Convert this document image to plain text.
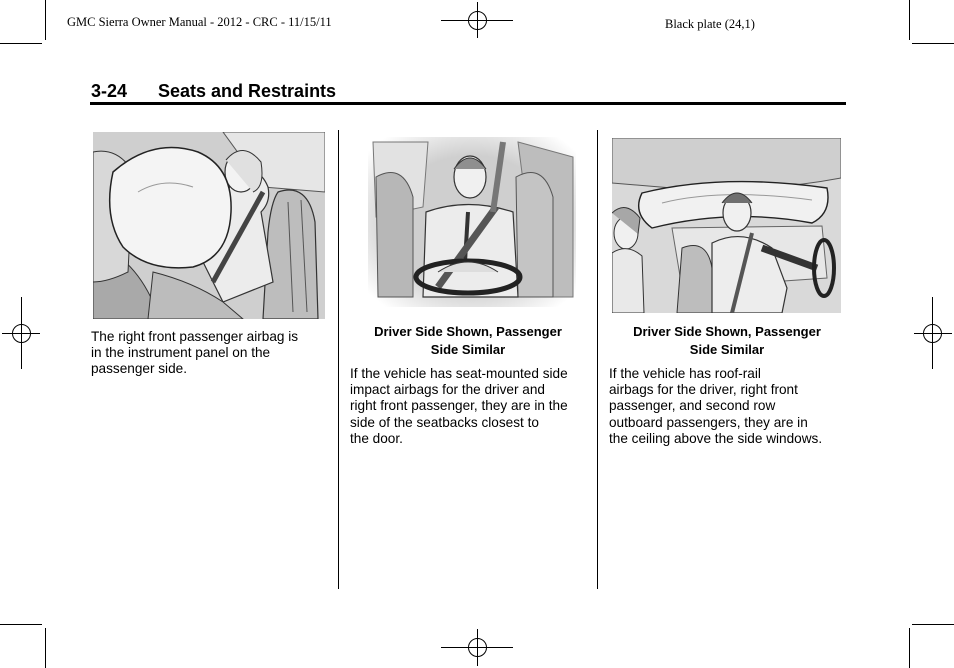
GMC Sierra Owner Manual - 2012 - CRC - 11/15/11	Black plate (24,1)
3-24 Seats and Restraints
The right front passenger airbag is
in the instrument panel on the
passenger side.
Driver Side Shown, Passenger
Side Similar
If the vehicle has seat-mounted side
impact airbags for the driver and
right front passenger, they are in the
side of the seatbacks closest to
the door.
Driver Side Shown, Passenger
Side Similar
If the vehicle has roof-rail
airbags for the driver, right front
passenger, and second row
outboard passengers, they are in
the ceiling above the side windows.
